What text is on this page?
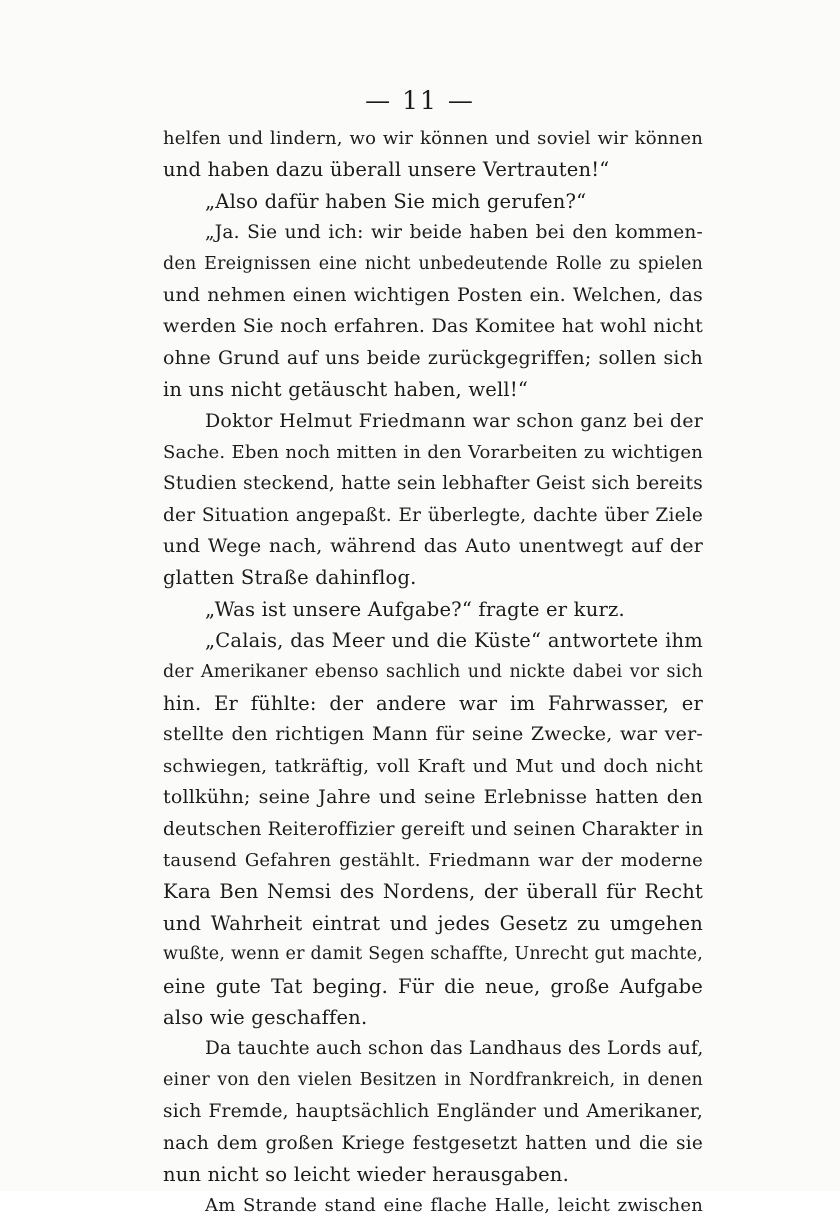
— 11 —
helfen und lindern, wo wir können und soviel wir können
und haben dazu überall unsere Vertrauten!“
„Also dafür haben Sie mich gerufen?“
„Ja. Sie und ich: wir beide haben bei den kommen-
den Ereignissen eine nicht unbedeutende Rolle zu spielen
und nehmen einen wichtigen Posten ein. Welchen, das
werden Sie noch erfahren. Das Komitee hat wohl nicht
ohne Grund auf uns beide zurückgegriffen; sollen sich
in uns nicht getäuscht haben, well!“
Doktor Helmut Friedmann war schon ganz bei der
Sache. Eben noch mitten in den Vorarbeiten zu wichtigen
Studien steckend, hatte sein lebhafter Geist sich bereits
der Situation angepaßt. Er überlegte, dachte über Ziele
und Wege nach, während das Auto unentwegt auf der
glatten Straße dahinflog.
„Was ist unsere Aufgabe?“ fragte er kurz.
„Calais, das Meer und die Küste“ antwortete ihm
der Amerikaner ebenso sachlich und nickte dabei vor sich
hin. Er fühlte: der andere war im Fahrwasser, er
stellte den richtigen Mann für seine Zwecke, war ver-
schwiegen, tatkräftig, voll Kraft und Mut und doch nicht
tollkühn; seine Jahre und seine Erlebnisse hatten den
deutschen Reiteroffizier gereift und seinen Charakter in
tausend Gefahren gestählt. Friedmann war der moderne
Kara Ben Nemsi des Nordens, der überall für Recht
und Wahrheit eintrat und jedes Gesetz zu umgehen
wußte, wenn er damit Segen schaffte, Unrecht gut machte,
eine gute Tat beging. Für die neue, große Aufgabe
also wie geschaffen.
Da tauchte auch schon das Landhaus des Lords auf,
einer von den vielen Besitzen in Nordfrankreich, in denen
sich Fremde, hauptsächlich Engländer und Amerikaner,
nach dem großen Kriege festgesetzt hatten und die sie
nun nicht so leicht wieder herausgaben.
Am Strande stand eine flache Halle, leicht zwischen
